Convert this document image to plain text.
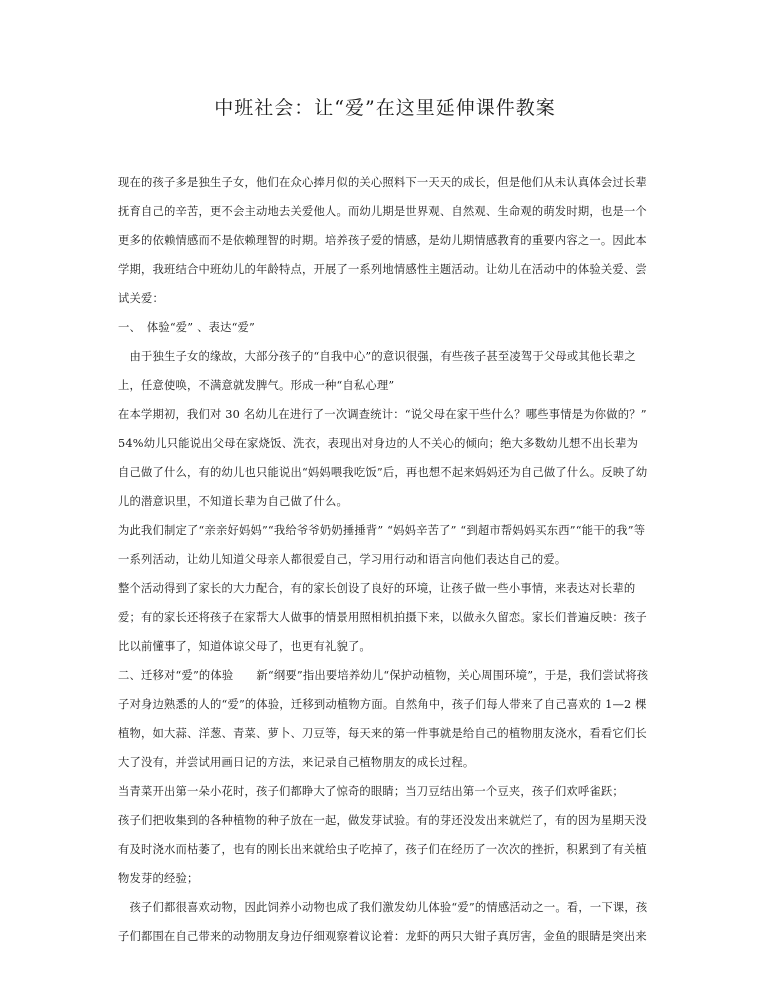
中班社会：让“爱”在这里延伸课件教案

现在的孩子多是独生子女，他们在众心捧月似的关心照料下一天天的成长，但是他们从未认真体会过长辈

抚育自己的辛苦，更不会主动地去关爱他人。而幼儿期是世界观、自然观、生命观的萌发时期，也是一个

更多的依赖情感而不是依赖理智的时期。培养孩子爱的情感，是幼儿期情感教育的重要内容之一。因此本

学期，我班结合中班幼儿的年龄特点，开展了一系列地情感性主题活动。让幼儿在活动中的体验关爱、尝

试关爱：

一、　体验“爱” 、表达“爱”

　由于独生子女的缘故，大部分孩子的“自我中心”的意识很强，有些孩子甚至凌驾于父母或其他长辈之

上，任意使唤，不满意就发脾气。形成一种“自私心理”

在本学期初，我们对 30 名幼儿在进行了一次调查统计：“说父母在家干些什么？哪些事情是为你做的？”

54%幼儿只能说出父母在家烧饭、洗衣，表现出对身边的人不关心的倾向；绝大多数幼儿想不出长辈为

自己做了什么，有的幼儿也只能说出“妈妈喂我吃饭”后，再也想不起来妈妈还为自己做了什么。反映了幼

儿的潜意识里，不知道长辈为自己做了什么。

为此我们制定了“亲亲好妈妈”“我给爷爷奶奶捶捶背” “妈妈辛苦了” “到超市帮妈妈买东西”“能干的我”等

一系列活动，让幼儿知道父母亲人都很爱自己，学习用行动和语言向他们表达自己的爱。

整个活动得到了家长的大力配合，有的家长创设了良好的环境，让孩子做一些小事情，来表达对长辈的

爱；有的家长还将孩子在家帮大人做事的情景用照相机拍摄下来，以做永久留恋。家长们普遍反映：孩子

比以前懂事了，知道体谅父母了，也更有礼貌了。

二、迁移对“爱”的体验　　新“纲要”指出要培养幼儿“保护动植物，关心周围环境”，于是，我们尝试将孩

子对身边熟悉的人的“爱”的体验，迁移到动植物方面。自然角中，孩子们每人带来了自己喜欢的 1—2 棵

植物，如大蒜、洋葱、青菜、萝卜、刀豆等，每天来的第一件事就是给自己的植物朋友浇水，看看它们长

大了没有，并尝试用画日记的方法，来记录自己植物朋友的成长过程。

当青菜开出第一朵小花时，孩子们都睁大了惊奇的眼睛；当刀豆结出第一个豆夹，孩子们欢呼雀跃；

孩子们把收集到的各种植物的种子放在一起，做发芽试验。有的芽还没发出来就烂了，有的因为星期天没

有及时浇水而枯萎了，也有的刚长出来就给虫子吃掉了，孩子们在经历了一次次的挫折，积累到了有关植

物发芽的经验；

　孩子们都很喜欢动物，因此饲养小动物也成了我们激发幼儿体验“爱”的情感活动之一。看，一下课，孩

子们都围在自己带来的动物朋友身边仔细观察着议论着：龙虾的两只大钳子真厉害，金鱼的眼睛是突出来
